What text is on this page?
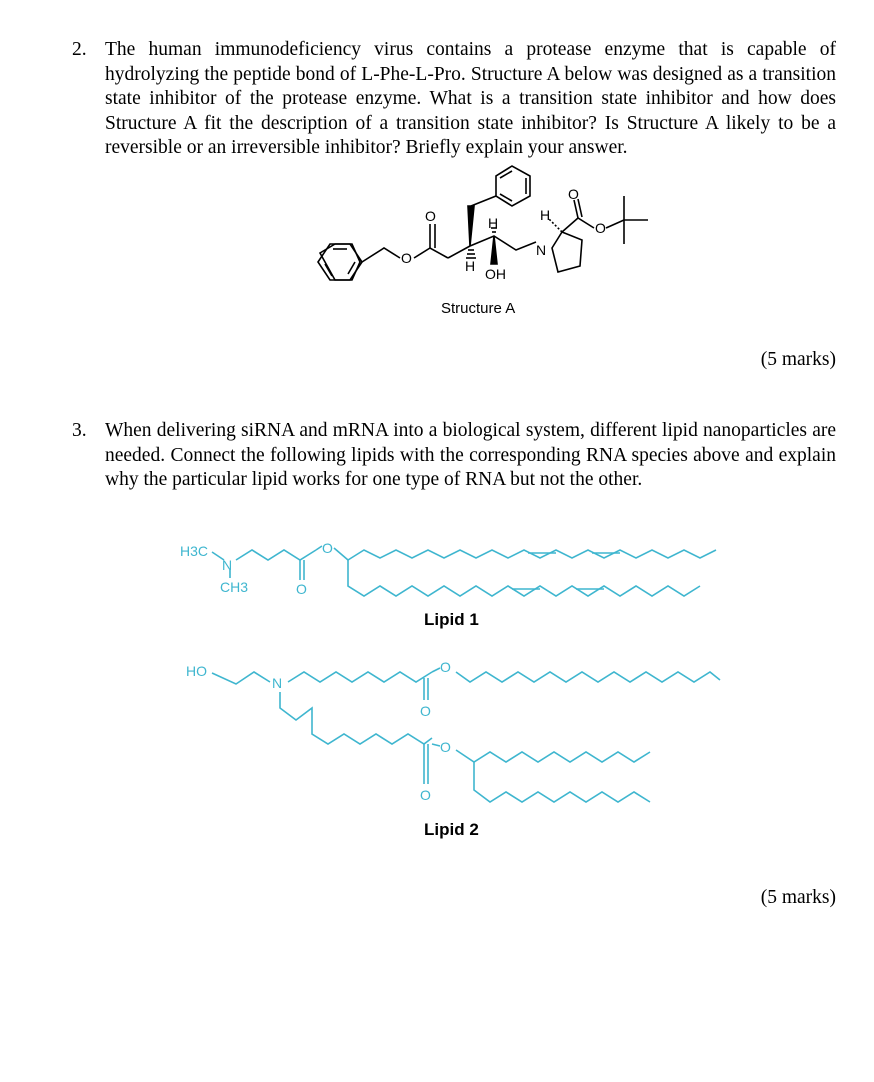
2. The human immunodeficiency virus contains a protease enzyme that is capable of hydrolyzing the peptide bond of L-Phe-L-Pro. Structure A below was designed as a transition state inhibitor of the protease enzyme. What is a transition state inhibitor and how does Structure A fit the description of a transition state inhibitor? Is Structure A likely to be a reversible or an irreversible inhibitor? Briefly explain your answer.
O
O	H
H OH
N
H
O
O
Structure A
(5 marks)
3. When delivering siRNA and mRNA into a biological system, different lipid nanoparticles are needed. Connect the following lipids with the corresponding RNA species above and explain why the particular lipid works for one type of RNA but not the other.
H3C
N
CH3
O
O
HO
N
O
O
O
O
Lipid 1
Lipid 2
(5 marks)
